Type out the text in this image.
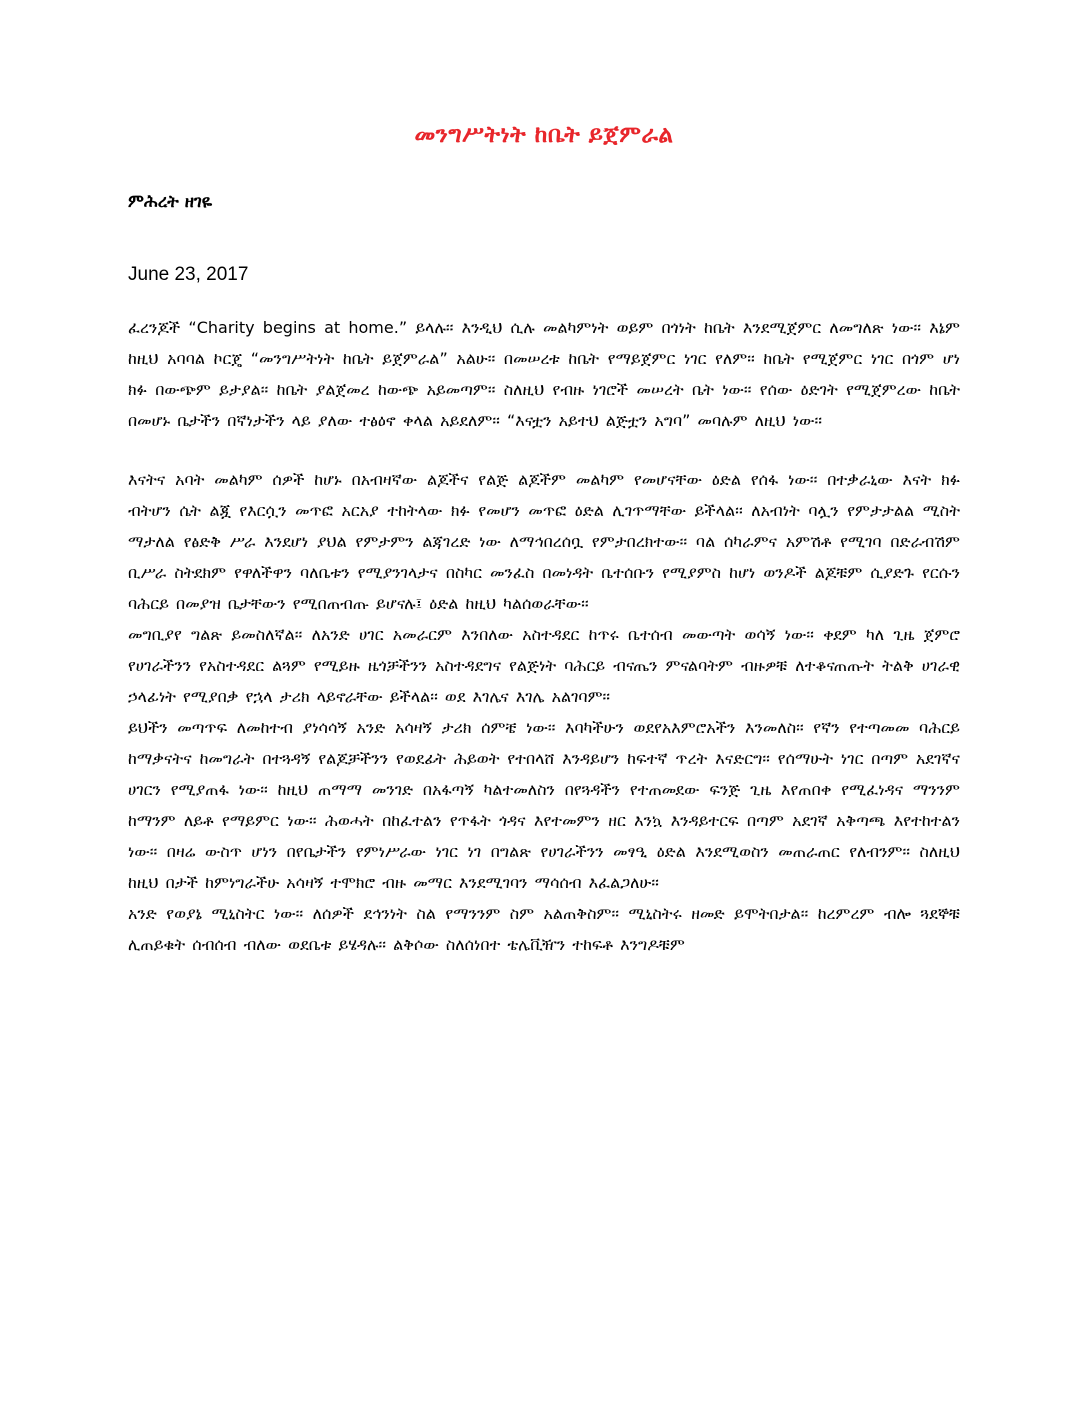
መንግሥትነት ከቤት ይጀምራል
ምሕረት ዘገዬ
June 23, 2017

ፈረንጆች “Charity begins at home.” ይላሉ፡፡ እንዲህ ሲሉ መልካምነት ወይም በጎነት ከቤት እንደሚጀምር ለመግለጽ ነው፡፡ እኔም ከዚህ አባባል ኮርጄ “መንግሥትነት ከቤት ይጀምራል” አልሁ፡፡ በመሠረቱ ከቤት የማይጀምር ነገር የለም፡፡ ከቤት የሚጀምር ነገር በጎም ሆነ ክፉ በውጭም ይታያል፡፡ ከቤት ያልጀመረ ከውጭ አይመጣም፡፡ ስለዚህ የብዙ ነገሮች መሠረት ቤት ነው፡፡ የሰው ዕድገት የሚጀምረው ከቤት በመሆኑ ቤታችን በኛነታችን ላይ ያለው ተፅዕኖ ቀላል አይደለም፡፡ “እናቷን አይተህ ልጅቷን አግባ” መባሉም ለዚህ ነው፡፡

እናትና አባት መልካም ሰዎች ከሆኑ በአብዛኛው ልጆችና የልጅ ልጆችም መልካም የመሆናቸው ዕድል የሰፋ ነው፡፡ በተቃራኒው እናት ክፉ ብትሆን ሴት ልጇ የእርሷን መጥፎ አርአያ ተከትላው ክፉ የመሆን መጥፎ ዕድል ሊገጥማቸው ይችላል፡፡ ለአብነት ባሏን የምታታልል ሚስት ማታለል የፅድቅ ሥራ እንደሆነ ያህል የምታምን ልጃገረድ ነው ለማኅበረሰቧ የምታበረክተው፡፡ ባል ሰካራምና አምሽቶ የሚገባ በድራብሽም ቢሥራ ስትደክም የዋለችዋን ባለቤቱን የሚያንገላታና በስካር መንፈስ በመነዳት ቤተሰቡን የሚያምስ ከሆነ ወንዶች ልጆቹም ሲያድጉ የርሱን ባሕርይ በመያዝ ቤታቸውን የሚበጠብጡ ይሆናሉ፤ ዕድል ከዚህ ካልሰወራቸው፡፡

መግቢያየ ግልጽ ይመስለኛል፡፡ ለአንድ ሀገር አመራርም እንበለው አስተዳደር ከጥሩ ቤተሰብ መውጣት ወሳኝ ነው፡፡ ቀደም ካለ ጊዜ ጀምሮ የሀገራችንን የአስተዳደር ልጓም የሚይዙ ዜጎቻችንን አስተዳደግና የልጅነት ባሕርይ ብናጤን ምናልባትም ብዙዎቹ ለተቆናጠጡት ትልቅ ሀገራዊ ኃላፊነት የሚያበቃ የኋላ ታሪክ ላይኖራቸው ይችላል፡፡ ወደ እገሌና እገሌ አልገባም፡፡

ይህችን መጣጥፍ ለመከተብ ያነሳሳኝ አንድ አሳዛኝ ታሪክ ሰምቼ ነው፡፡ እባካችሁን ወደየአእምሮአችን እንመለስ፡፡ የኛን የተጣመመ ባሕርይ ከማቃናትና ከመግራት በተጓዳኝ የልጆቻችንን የወደፊት ሕይወት የተበላሸ እንዳይሆን ከፍተኛ ጥረት እናድርግ፡፡ የሰማሁት ነገር በጣም አደገኛና ሀገርን የሚያጠፋ ነው፡፡ ከዚህ ጠማማ መንገድ በአፋጣኝ ካልተመለስን በየጓዳችን የተጠመደው ፍንጅ ጊዜ እየጠበቀ የሚፈነዳና ማንንም ከማንም ለይቶ የማይምር ነው፡፡ ሕወሓት በከፈተልን የጥፋት ጎዳና እየተመምን ዘር እንኳ እንዳይተርፍ በጣም አደገኛ አቅጣጫ እየተከተልን ነው፡፡ በዛሬ ውስጥ ሆነን በየቤታችን የምነሥራው ነገር ነገ በግልጽ የሀገራችንን መፃዒ ዕድል እንደሚወስን መጠራጠር የለብንም፡፡ ስለዚህ ከዚህ በታች ከምነግራችሁ አሳዛኝ ተሞክሮ ብዙ መማር እንደሚገባን ማሳሰብ እፈልጋለሁ፡፡

አንድ የወያኔ ሚኒስትር ነው፡፡ ለሰዎች ደኅንነት ስል የማንንም ስም አልጠቅስም፡፡ ሚኒስትሩ ዘመድ ይሞትበታል፡፡ ከረምረም ብሎ ጓደኞቹ ሊጠይቁት ሰብሰብ ብለው ወደቤቱ ይሄዳሉ፡፡ ልቅሶው ስለሰነበተ ቴሌቪዥን ተከፍቶ እንግዶቹም
